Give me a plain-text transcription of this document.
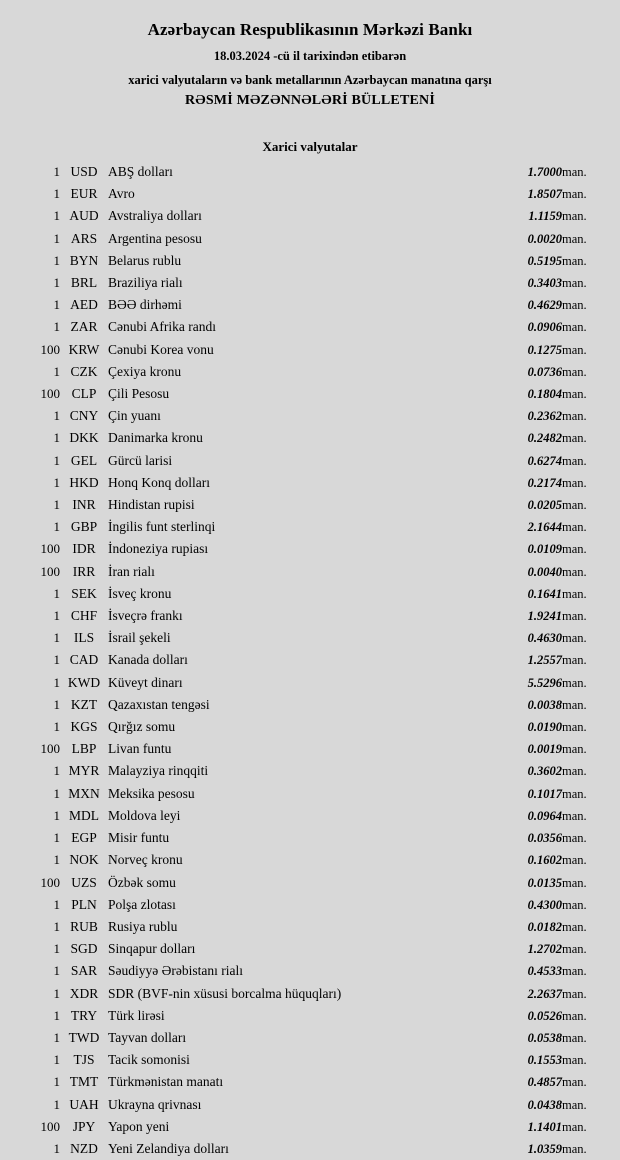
Azərbaycan Respublikasının Mərkəzi Bankı
18.03.2024 -cü il tarixindən etibarən
xarici valyutaların və bank metallarının Azərbaycan manatına qarşı
RƏSMİ MƏZƏNNƏLƏRİ BÜLLETENİ
Xarici valyutalar
1	USD	ABŞ dolları	1.7000	man.
1	EUR	Avro	1.8507	man.
1	AUD	Avstraliya dolları	1.1159	man.
1	ARS	Argentina pesosu	0.0020	man.
1	BYN	Belarus rublu	0.5195	man.
1	BRL	Braziliya rialı	0.3403	man.
1	AED	BƏƏ dirhəmi	0.4629	man.
1	ZAR	Cənubi Afrika randı	0.0906	man.
100	KRW	Cənubi Korea vonu	0.1275	man.
1	CZK	Çexiya kronu	0.0736	man.
100	CLP	Çili Pesosu	0.1804	man.
1	CNY	Çin yuanı	0.2362	man.
1	DKK	Danimarka kronu	0.2482	man.
1	GEL	Gürcü larisi	0.6274	man.
1	HKD	Honq Konq dolları	0.2174	man.
1	INR	Hindistan rupisi	0.0205	man.
1	GBP	İngilis funt sterlinqi	2.1644	man.
100	IDR	İndoneziya rupiası	0.0109	man.
100	IRR	İran rialı	0.0040	man.
1	SEK	İsveç kronu	0.1641	man.
1	CHF	İsveçrə frankı	1.9241	man.
1	ILS	İsrail şekeli	0.4630	man.
1	CAD	Kanada dolları	1.2557	man.
1	KWD	Küveyt dinarı	5.5296	man.
1	KZT	Qazaxıstan tengəsi	0.0038	man.
1	KGS	Qırğız somu	0.0190	man.
100	LBP	Livan funtu	0.0019	man.
1	MYR	Malayziya rinqqiti	0.3602	man.
1	MXN	Meksika pesosu	0.1017	man.
1	MDL	Moldova leyi	0.0964	man.
1	EGP	Misir funtu	0.0356	man.
1	NOK	Norveç kronu	0.1602	man.
100	UZS	Özbək somu	0.0135	man.
1	PLN	Polşa zlotası	0.4300	man.
1	RUB	Rusiya rublu	0.0182	man.
1	SGD	Sinqapur dolları	1.2702	man.
1	SAR	Səudiyyə Ərəbistanı rialı	0.4533	man.
1	XDR	SDR (BVF-nin xüsusi borcalma hüquqları)	2.2637	man.
1	TRY	Türk lirəsi	0.0526	man.
1	TWD	Tayvan dolları	0.0538	man.
1	TJS	Tacik somonisi	0.1553	man.
1	TMT	Türkmənistan manatı	0.4857	man.
1	UAH	Ukrayna qrivnası	0.0438	man.
100	JPY	Yapon yeni	1.1401	man.
1	NZD	Yeni Zelandiya dolları	1.0359	man.
